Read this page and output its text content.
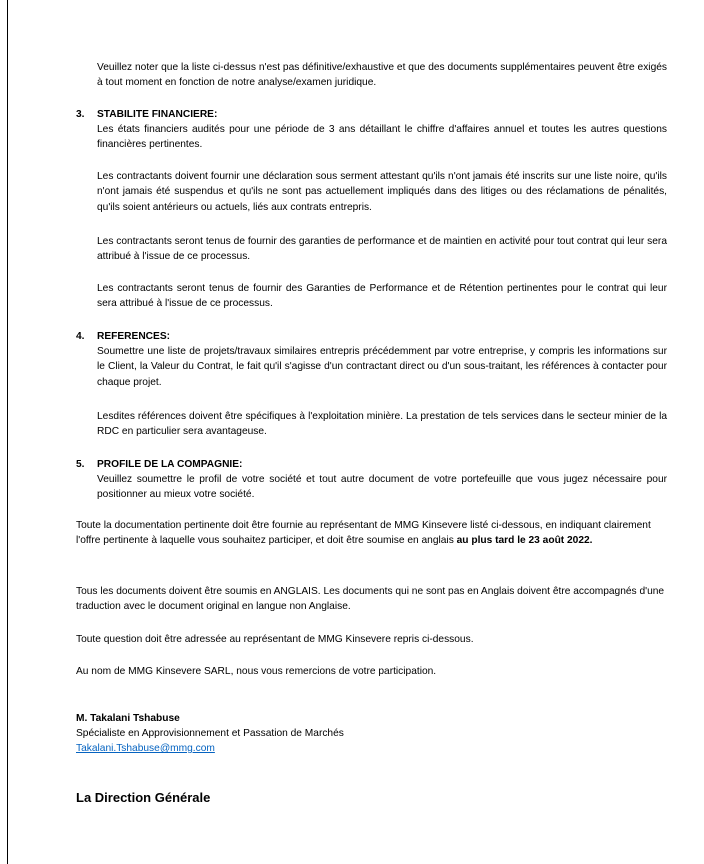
Veuillez noter que la liste ci-dessus n'est pas définitive/exhaustive et que des documents supplémentaires peuvent être exigés à tout moment en fonction de notre analyse/examen juridique.

3. STABILITE FINANCIERE:

Les états financiers audités pour une période de 3 ans détaillant le chiffre d'affaires annuel et toutes les autres questions financières pertinentes.

Les contractants doivent fournir une déclaration sous serment attestant qu'ils n'ont jamais été inscrits sur une liste noire, qu'ils n'ont jamais été suspendus et qu'ils ne sont pas actuellement impliqués dans des litiges ou des réclamations de pénalités, qu'ils soient antérieurs ou actuels, liés aux contrats entrepris.

Les contractants seront tenus de fournir des garanties de performance et de maintien en activité pour tout contrat qui leur sera attribué à l'issue de ce processus.

Les contractants seront tenus de fournir des Garanties de Performance et de Rétention pertinentes pour le contrat qui leur sera attribué à l'issue de ce processus.

4. REFERENCES:

Soumettre une liste de projets/travaux similaires entrepris précédemment par votre entreprise, y compris les informations sur le Client, la Valeur du Contrat, le fait qu'il s'agisse d'un contractant direct ou d'un sous-traitant, les références à contacter pour chaque projet.

Lesdites références doivent être spécifiques à l'exploitation minière. La prestation de tels services dans le secteur minier de la RDC en particulier sera avantageuse.

5. PROFILE DE LA COMPAGNIE:

Veuillez soumettre le profil de votre société et tout autre document de votre portefeuille que vous jugez nécessaire pour positionner au mieux votre société.

Toute la documentation pertinente doit être fournie au représentant de MMG Kinsevere listé ci-dessous, en indiquant clairement l'offre pertinente à laquelle vous souhaitez participer, et doit être soumise en anglais au plus tard le 23 août 2022.

Tous les documents doivent être soumis en ANGLAIS. Les documents qui ne sont pas en Anglais doivent être accompagnés d'une traduction avec le document original en langue non Anglaise.

Toute question doit être adressée au représentant de MMG Kinsevere repris ci-dessous.

Au nom de MMG Kinsevere SARL, nous vous remercions de votre participation.

M. Takalani Tshabuse
Spécialiste en Approvisionnement et Passation de Marchés
Takalani.Tshabuse@mmg.com
La Direction Générale
